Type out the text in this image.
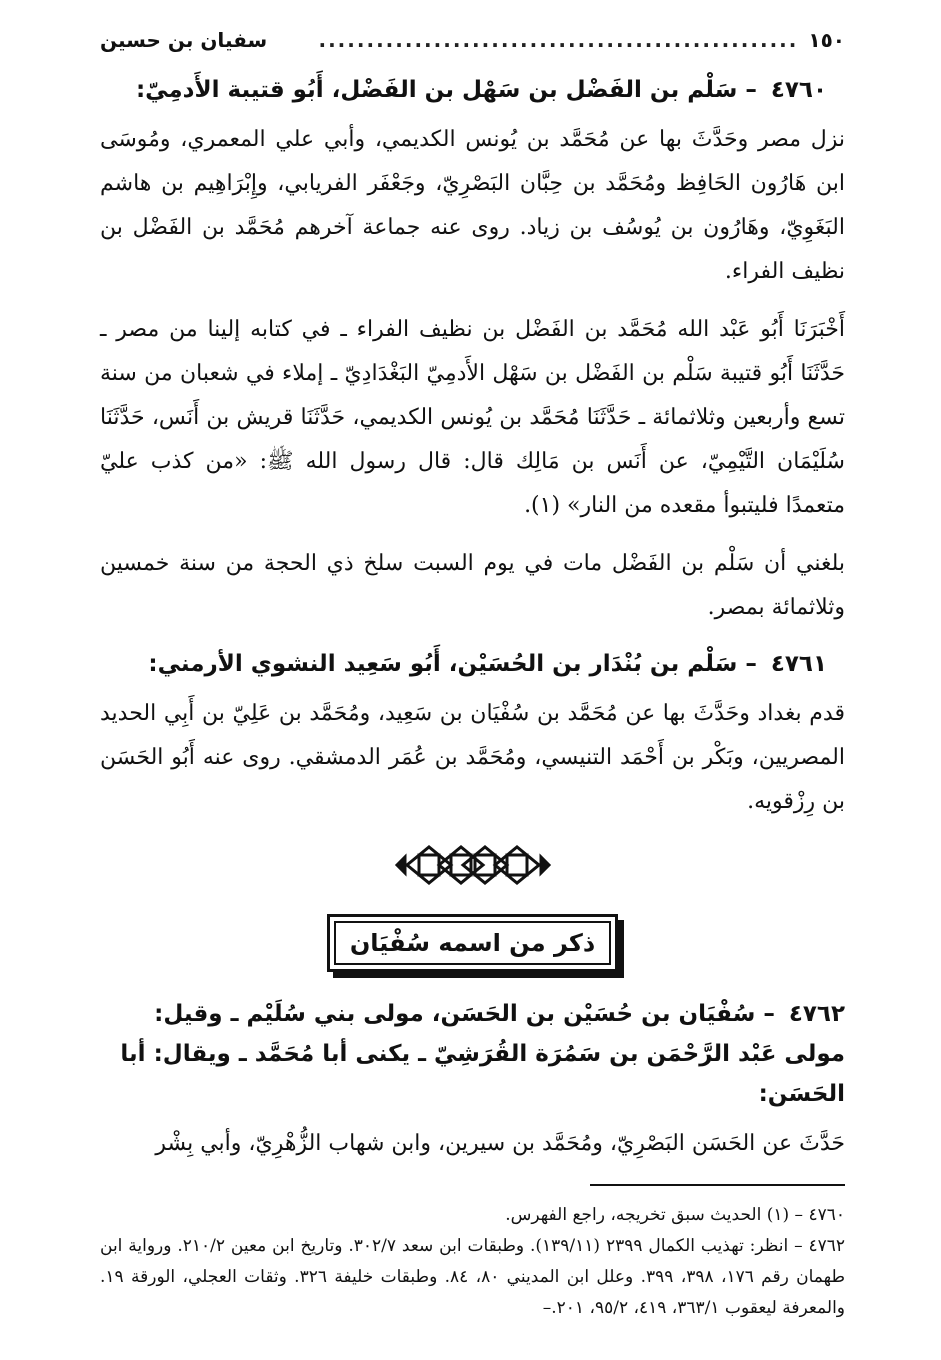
١٥٠
..................................................
سفيان بن حسين
٤٧٦٠ – سَلْم بن الفَضْل بن سَهْل بن الفَضْل، أَبُو قتيبة الأَدمِيّ:

نزل مصر وحَدَّثَ بها عن مُحَمَّد بن يُونس الكديمي، وأبي علي المعمري، ومُوسَى ابن هَارُون الحَافِظ ومُحَمَّد بن حِبَّان البَصْرِيّ، وجَعْفَر الفريابي، وإِبْرَاهِيم بن هاشم البَغَوِيّ، وهَارُون بن يُوسُف بن زياد. روى عنه جماعة آخرهم مُحَمَّد بن الفَضْل بن نظيف الفراء.

أَخْبَرَنَا أَبُو عَبْد الله مُحَمَّد بن الفَضْل بن نظيف الفراء ـ في كتابه إلينا من مصر ـ حَدَّثَنَا أَبُو قتيبة سَلْم بن الفَضْل بن سَهْل الأَدمِيّ البَغْدَادِيّ ـ إملاء في شعبان من سنة تسع وأربعين وثلاثمائة ـ حَدَّثَنَا مُحَمَّد بن يُونس الكديمي، حَدَّثَنَا قريش بن أَنَس، حَدَّثَنَا سُلَيْمَان التَّيْمِيّ، عن أَنَس بن مَالِك قال: قال رسول الله ﷺ: «من كذب عليّ متعمدًا فليتبوأ مقعده من النار» (١).

بلغني أن سَلْم بن الفَضْل مات في يوم السبت سلخ ذي الحجة من سنة خمسين وثلاثمائة بمصر.

٤٧٦١ – سَلْم بن بُنْدَار بن الحُسَيْن، أَبُو سَعِيد النشوي الأرمني:

قدم بغداد وحَدَّثَ بها عن مُحَمَّد بن سُفْيَان بن سَعِيد، ومُحَمَّد بن عَلِيّ بن أَبِي الحديد المصريين، وبَكْر بن أَحْمَد التنيسي، ومُحَمَّد بن عُمَر الدمشقي. روى عنه أَبُو الحَسَن بن رِزْقويه.

ذكر من اسمه سُفْيَان
٤٧٦٢ – سُفْيَان بن حُسَيْن بن الحَسَن، مولى بني سُلَيْم ـ وقيل: مولى عَبْد الرَّحْمَن بن سَمُرَة القُرَشِيّ ـ يكنى أبا مُحَمَّد ـ ويقال: أبا الحَسَن:

حَدَّثَ عن الحَسَن البَصْرِيّ، ومُحَمَّد بن سيرين، وابن شهاب الزُّهْرِيّ، وأبي بِشْر

٤٧٦٠ – (١) الحديث سبق تخريجه، راجع الفهرس.

٤٧٦٢ – انظر: تهذيب الكمال ٢٣٩٩ (١٣٩/١١). وطبقات ابن سعد ٣٠٢/٧. وتاريخ ابن معين ٢١٠/٢. ورواية ابن طهمان رقم ١٧٦، ٣٩٨، ٣٩٩. وعلل ابن المديني ٨٠، ٨٤. وطبقات خليفة ٣٢٦. وثقات العجلي، الورقة ١٩. والمعرفة ليعقوب ٣٦٣/١، ٤١٩، ٩٥/٢، ٢٠١.–
